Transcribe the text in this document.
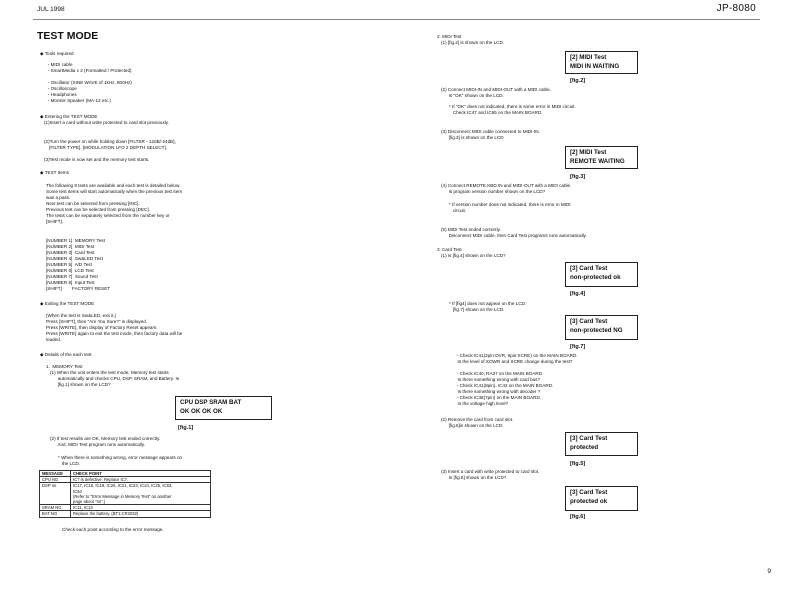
JUL 1998	JP-8080
TEST MODE
◆ Tools required
・MIDI cable
・SmartMedia x 2 (Formatted / Protected)

・Oscillator (SINE WAVE of 1kHz, 800Hz)
・Oscilloscope
・Headphones
・Monitor Speaker (MA-12 etc.)
◆ Entering the TEST MODE
(1)Insert a card without write protected to card slot previously.
(2)Turn the power on while holding down [FILTER - 12dB/-24dB],
[FILTER TYPE], [MODULATION LFO 2 DEPTH SELECT].
(3)Test mode is now set and the memory test starts.
◆ TEST Items
The following 8 tests are available and each test is detailed below.
Some test items will start automatically when the previous test item
was a pass.
Next test can be selected from pressing [INC].
Previous test can be selected from pressing [DEC].
The tests can be separately selected from the number key or
[SHIFT].
[NUMBER 1]  MEMORY Test
[NUMBER 2]  MIDI Test
[NUMBER 3]  Card Test
[NUMBER 4]  Sw&LED Test
[NUMBER 5]  A/D Test
[NUMBER 6]  LCD Test
[NUMBER 7]  Sound Test
[NUMBER 8]  Input Test
[SHIFT]        FACTORY RESET
◆ Exiting the TEST MODE
(When the test is Sw&LED, exit it.)
Press [SHIFT], then "Are You Sure?" is displayed.
Press [WRITE], then display of Factory Reset appears.
Press [WRITE] again to exit the test mode, then factory data will be
loaded.
◆ Details of the each test
1.  MEMORY Test
(1) When the unit enters the test mode, Memory test starts
automatically and checks CPU, DSP, SRAM, and Battery. Is
[fig.1] shown on the LCD?
CPU DSP SRAM BAT
OK OK OK OK
[fig.1]
(2) If test results are OK, Memory test ended correctly.
And, MIDI Test program runs automatically.
* When there is something wrong, error message appears on
the LCD.
MESSAGE	CHECK POINT
CPU NG	IC7 is defective. Replace IC7.
DSP nn	IC17, IC18, IC19, IC20, IC21, IC23, IC24, IC25, IC63,
IC64
(Refer to "Error Message in Memory Test" on another
page about "nn".)
SRAM NG	IC11, IC13
BAT NG	Replace the battery. (BT1:CR2032)
Check each point according to the error message.
2. MIDI Test
(1) [fig.2] is shown on the LCD.
[2] MIDI Test
MIDI IN WAITING
[fig.2]
(2) Connect MIDI-IN and MIDI-OUT with a MIDI cable.
Is "OK" shown on the LCD.
* If "OK" does not indicated, there is some error in MIDI circuit.
Check IC47 and IC65 on the MAIN BOARD.
(3) Disconnect MIDI cable connected to MIDI-IN.
[fig.3] is shown on the LCD
[2] MIDI Test
REMOTE WAITING
[fig.3]
(4) Connect REMOTE KBD IN and MIDI-OUT with a MIDI cable.
Is program version number shown on the LCD?
* If version number does not indicated, there is error in MIDI
circuit.
(5) MIDI Test ended correctly.
Disconnect MIDI cable, then Card Test programs runs automatically.
3. Card Test
(1) Is [fig.4] shown on the LCD?
[3] Card Test
non-protected ok
[fig.4]
* If [fig4] does not appear on the LCD:
[fig.7] shown on the LCD.
[3] Card Test
non-protected NG
[fig.7]
・Check IC41(2pin:OVR, 6pin:XCRE) on the MAIN BOARD.
Is the level of XOWR and XCRE change during the test?

・Check IC40, RA37 on the MAIN BOARD.
Is there something wrong with card bus?
・Check IC41(8pin), IC42 on the MAIN BOARD.
Is there something wrong with decoder ?
・Check IC38(7pin) on the MAIN BOARD.
Is the voltage high level?
(2) Remove the card from card slot.
[fig.5]is shown on the LCD.
[3] Card Test
protected
[fig.5]
(3) Insert a card with write protected to card slot.
Is [fig.6] shown on the LCD?
[3] Card Test
protected ok
[fig.6]
9
